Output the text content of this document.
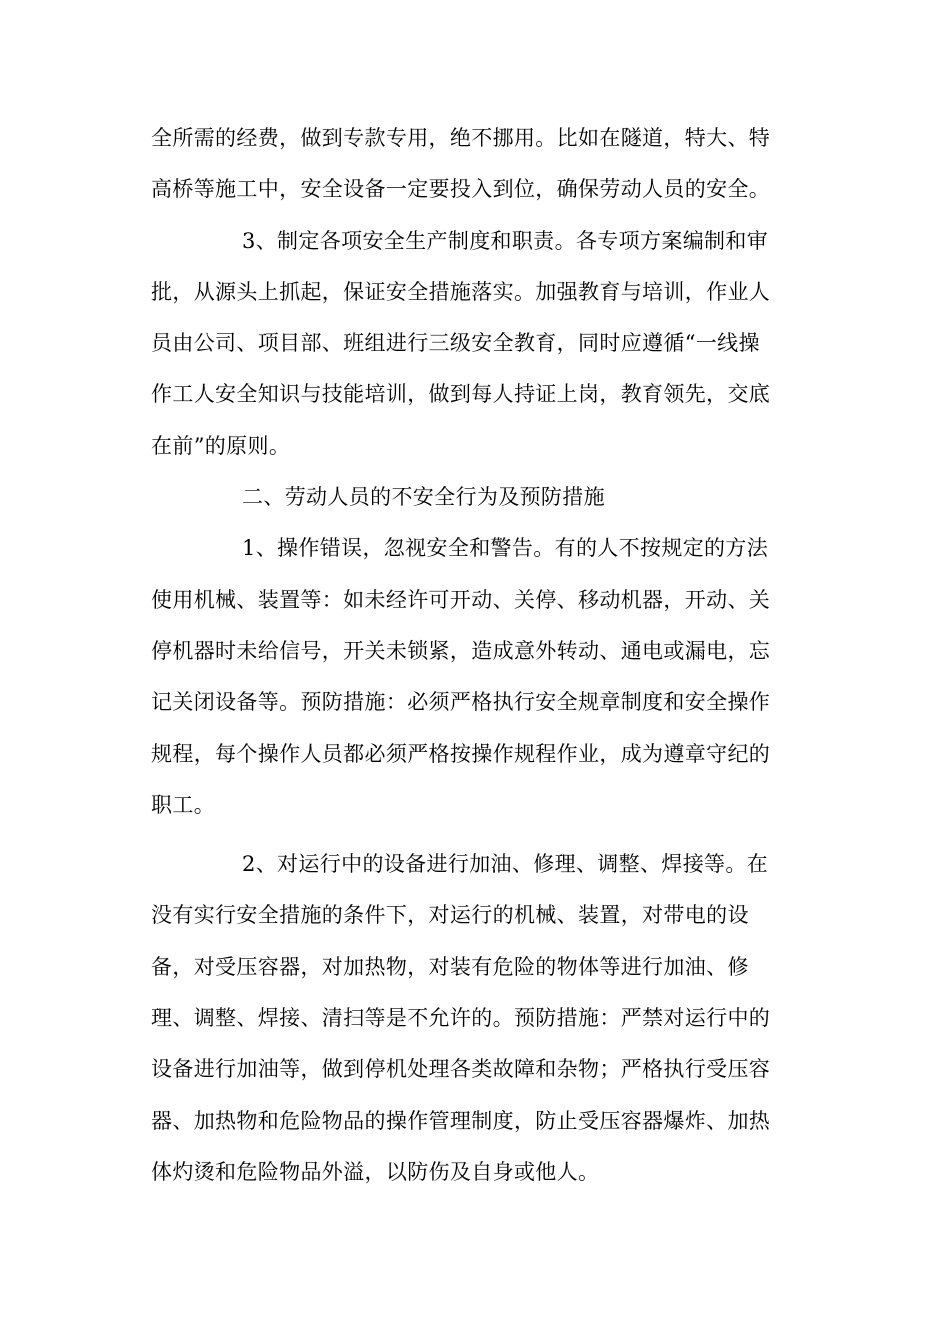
全所需的经费，做到专款专用，绝不挪用。比如在隧道，特大、特
高桥等施工中，安全设备一定要投入到位，确保劳动人员的安全。
3、制定各项安全生产制度和职责。各专项方案编制和审
批，从源头上抓起，保证安全措施落实。加强教育与培训，作业人
员由公司、项目部、班组进行三级安全教育，同时应遵循“一线操
作工人安全知识与技能培训，做到每人持证上岗，教育领先，交底
在前”的原则。
二、劳动人员的不安全行为及预防措施
1、操作错误，忽视安全和警告。有的人不按规定的方法
使用机械、装置等：如未经许可开动、关停、移动机器，开动、关
停机器时未给信号，开关未锁紧，造成意外转动、通电或漏电，忘
记关闭设备等。预防措施：必须严格执行安全规章制度和安全操作
规程，每个操作人员都必须严格按操作规程作业，成为遵章守纪的
职工。
2、对运行中的设备进行加油、修理、调整、焊接等。在
没有实行安全措施的条件下，对运行的机械、装置，对带电的设
备，对受压容器，对加热物，对装有危险的物体等进行加油、修
理、调整、焊接、清扫等是不允许的。预防措施：严禁对运行中的
设备进行加油等，做到停机处理各类故障和杂物；严格执行受压容
器、加热物和危险物品的操作管理制度，防止受压容器爆炸、加热
体灼烫和危险物品外溢，以防伤及自身或他人。
